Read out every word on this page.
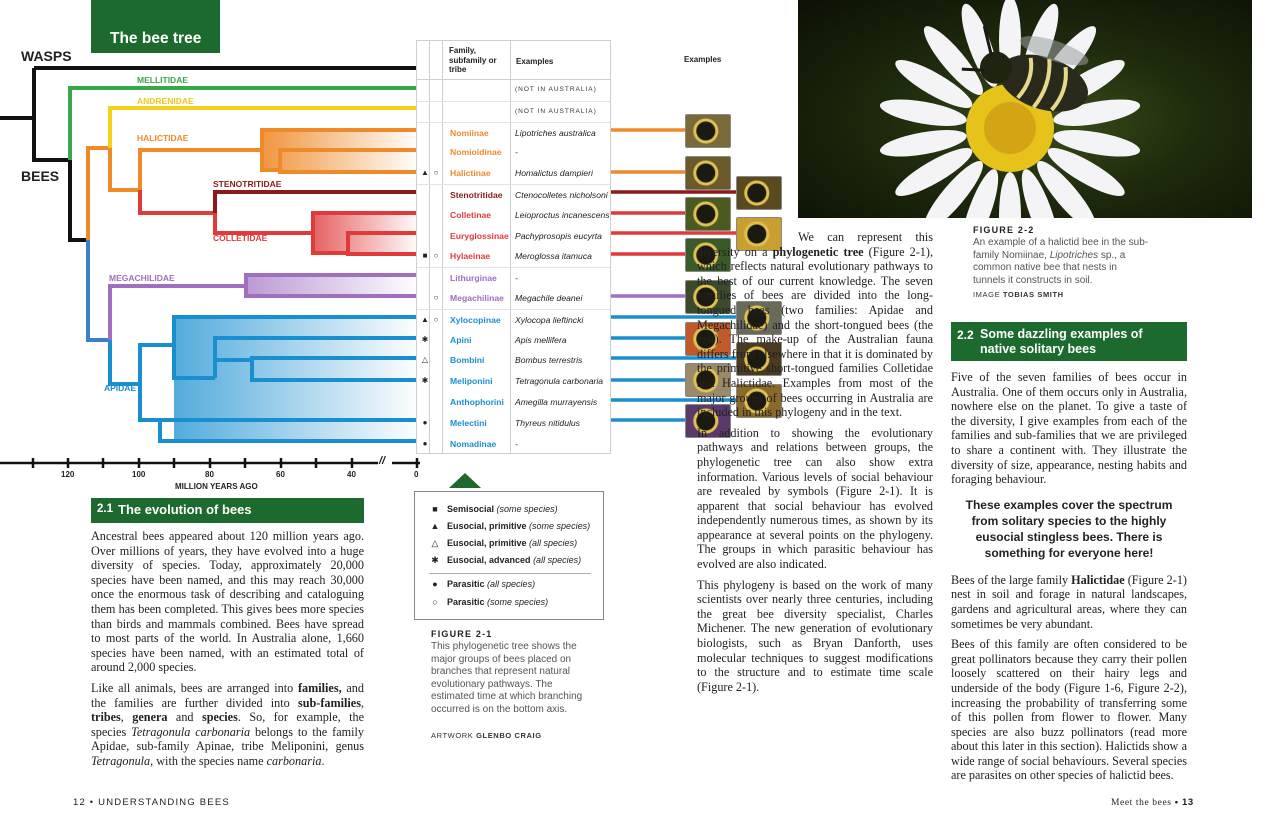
The bee tree
WASPS
BEES
MELLITIDAE
ANDRENIDAE
HALICTIDAE
STENOTRITIDAE
COLLETIDAE
MEGACHILIDAE
APIDAE
120	100	80	60	40	0
//
MILLION YEARS AGO
Family, subfamily or tribe
Examples
(NOT IN AUSTRALIA)
(NOT IN AUSTRALIA)
Nomiinae	Lipotriches australica
Nomioidinae -
▲ ○	Halictinae	Homalictus dampieri
Stenotritidae Ctenocolletes nicholsoni
Colletinae	Leioproctus incanescens
Euryglossinae Pachyprosopis eucyrta
■ ○	Hylaeinae	Meroglossa itamuca
Lithurginae -
○	Megachilinae Megachile deanei
▲ ○	Xylocopinae Xylocopa lieftincki
✱	Apini	Apis mellifera
△	Bombini	Bombus terrestris
✱	Meliponini	Tetragonula carbonaria
Anthophorini Amegilla murrayensis
●	Melectini	Thyreus nitidulus
●	Nomadinae -
Examples
■	Semisocial (some species)
▲ Eusocial, primitive (some species)
△ Eusocial, primitive (all species)
✱ Eusocial, advanced (all species)
●	Parasitic (all species)
○	Parasitic (some species)
FIGURE 2-1
This phylogenetic tree shows the major groups of bees placed on branches that represent natural evolutionary pathways. The estimated time at which branching occurred is on the bottom axis.
ARTWORK GLENBO CRAIG
2.1 The evolution of bees

Ancestral bees appeared about 120 million years ago. Over millions of years, they have evolved into a huge diversity of species. Today, approximately 20,000 species have been named, and this may reach 30,000 once the enormous task of describing and cataloguing them has been completed. This gives bees more species than birds and mammals combined. Bees have spread to most parts of the world. In Australia alone, 1,660 species have been named, with an estimated total of around 2,000 species.

Like all animals, bees are arranged into families, and the families are further divided into sub-families, tribes, genera and species. So, for example, the species Tetragonula carbonaria belongs to the family Apidae, sub-family Apinae, tribe Meliponini, genus Tetragonula, with the species name carbonaria.

12 • UNDERSTANDING BEES
FIGURE 2-2
An example of a halictid bee in the sub-family Nomiinae, Lipotriches sp., a common native bee that nests in tunnels it constructs in soil.
IMAGE TOBIAS SMITH

We can represent this diversity on a phylogenetic tree (Figure 2-1), which reflects natural evolutionary pathways to the best of our current knowledge. The seven families of bees are divided into the long-tongued bees (two families: Apidae and Megachilidae) and the short-tongued bees (the rest). The make-up of the Australian fauna differs from elsewhere in that it is dominated by the primitive short-tongued families Colletidae and Halictidae. Examples from most of the major groups of bees occurring in Australia are included in this phylogeny and in the text.

In addition to showing the evolutionary pathways and relations between groups, the phylogenetic tree can also show extra information. Various levels of social behaviour are revealed by symbols (Figure 2-1). It is apparent that social behaviour has evolved independently numerous times, as shown by its appearance at several points on the phylogeny. The groups in which parasitic behaviour has evolved are also indicated.

This phylogeny is based on the work of many scientists over nearly three centuries, including the great bee diversity specialist, Charles Michener. The new generation of evolutionary biologists, such as Bryan Danforth, uses molecular techniques to suggest modifications to the structure and to estimate time scale (Figure 2-1).

2.2 Some dazzling examples of native solitary bees

Five of the seven families of bees occur in Australia. One of them occurs only in Australia, nowhere else on the planet. To give a taste of the diversity, I give examples from each of the families and sub-families that we are privileged to share a continent with. They illustrate the diversity of size, appearance, nesting habits and foraging behaviour.

These examples cover the spectrum from solitary species to the highly eusocial stingless bees. There is something for everyone here!

Bees of the large family Halictidae (Figure 2-1) nest in soil and forage in natural landscapes, gardens and agricultural areas, where they can sometimes be very abundant.

Bees of this family are often considered to be great pollinators because they carry their pollen loosely scattered on their hairy legs and underside of the body (Figure 1-6, Figure 2-2), increasing the probability of transferring some of this pollen from flower to flower. Many species are also buzz pollinators (read more about this later in this section). Halictids show a wide range of social behaviours. Several species are parasites on other species of halictid bees.

Meet the bees • 13
